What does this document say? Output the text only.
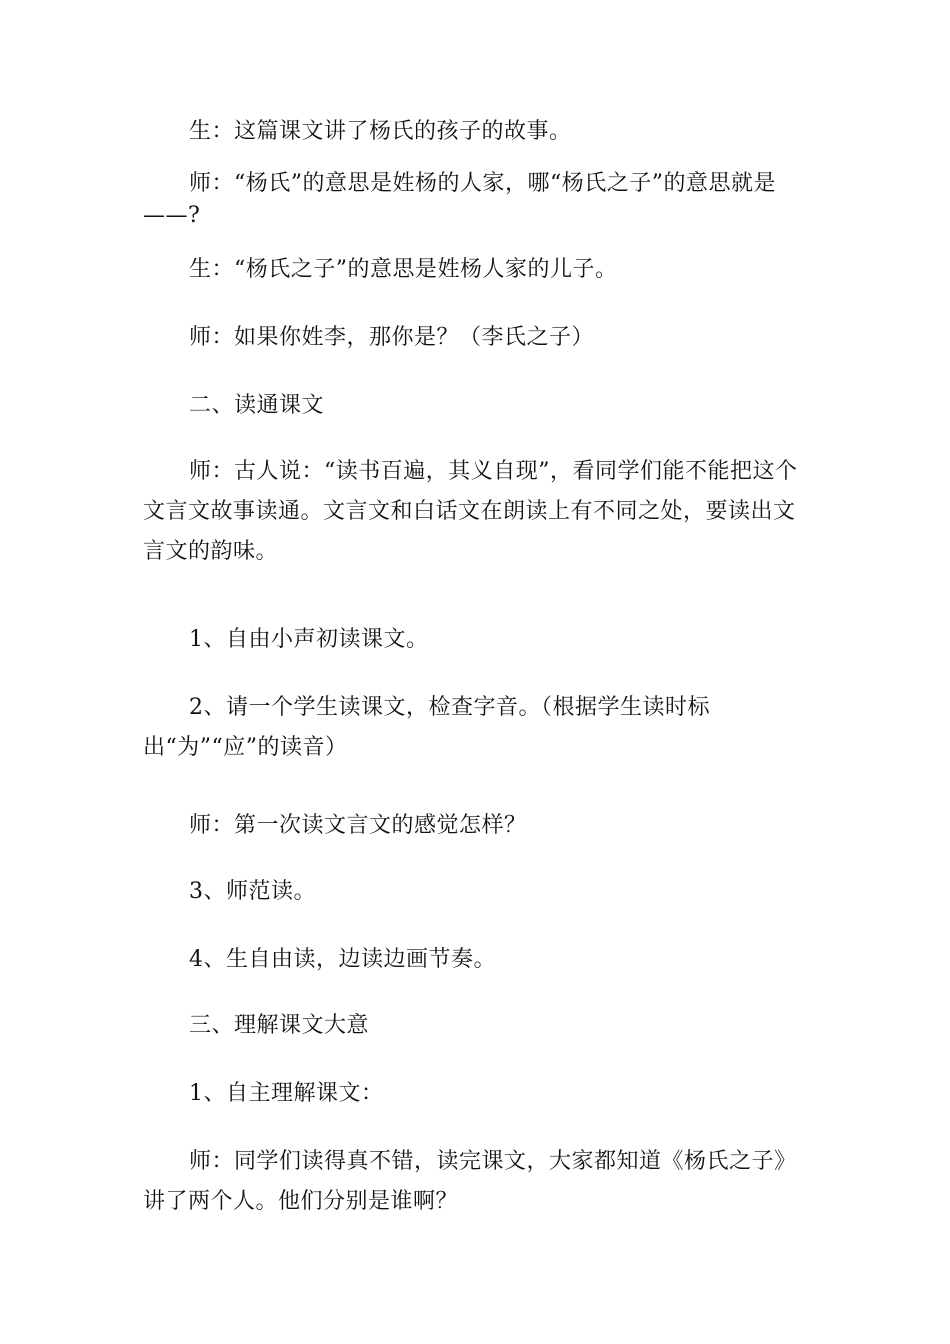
生：这篇课文讲了杨氏的孩子的故事。

师：“杨氏”的意思是姓杨的人家，哪“杨氏之子”的意思就是——?

生：“杨氏之子”的意思是姓杨人家的儿子。

师：如果你姓李，那你是？（李氏之子）

二、读通课文

师：古人说：“读书百遍，其义自现”，看同学们能不能把这个文言文故事读通。文言文和白话文在朗读上有不同之处，要读出文言文的韵味。

1、自由小声初读课文。

2、请一个学生读课文，检查字音。（根据学生读时标出“为”“应”的读音）

师：第一次读文言文的感觉怎样？

3、师范读。

4、生自由读，边读边画节奏。

三、理解课文大意

1、自主理解课文：

师：同学们读得真不错，读完课文，大家都知道《杨氏之子》讲了两个人。他们分别是谁啊？
